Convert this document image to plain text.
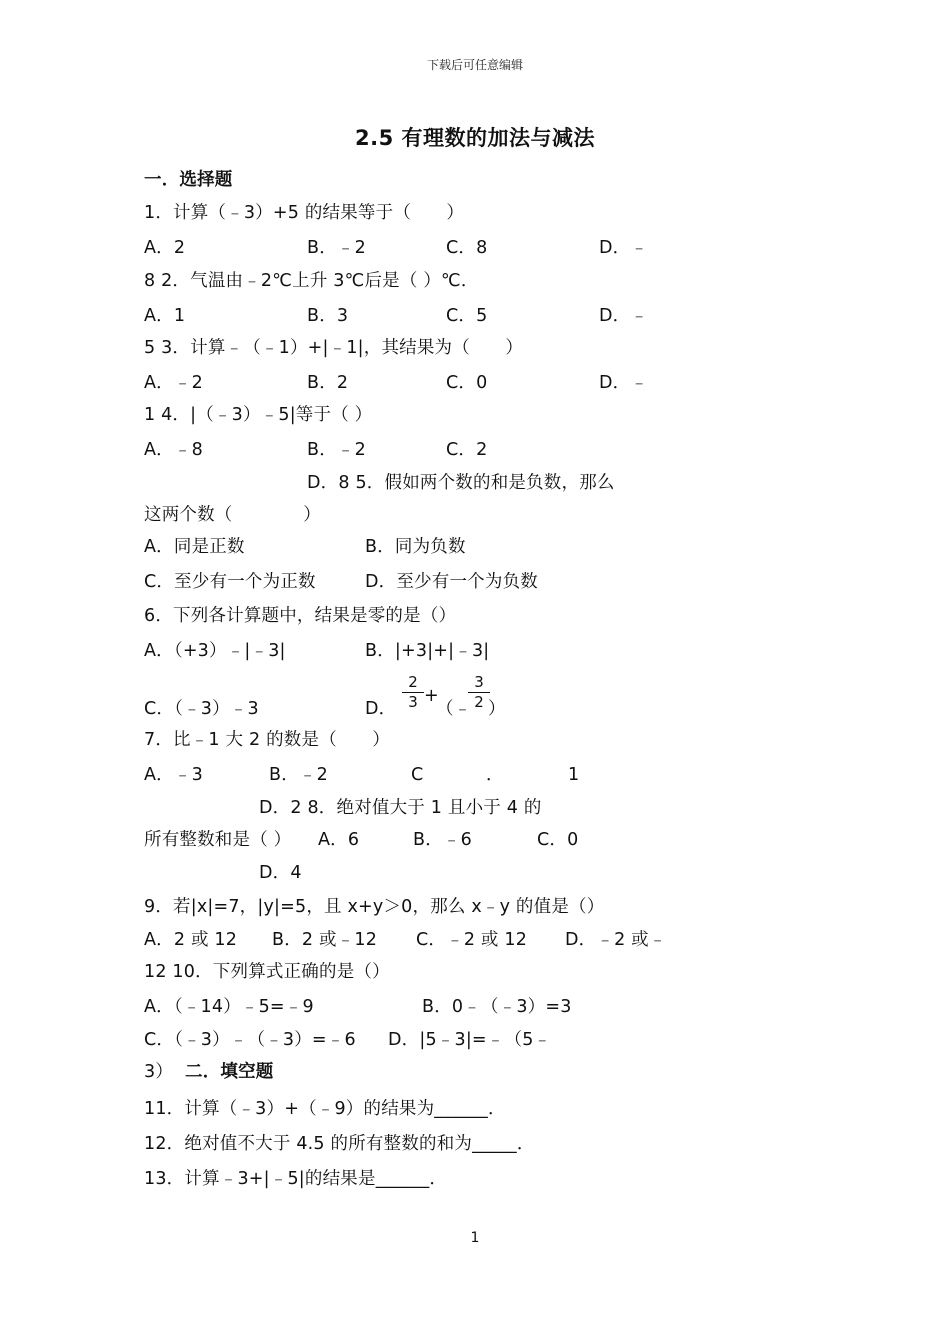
下载后可任意编辑
2.5 有理数的加法与减法
一．选择题
1．计算（﹣3）+5 的结果等于（　　）
A．2	B．﹣2	C．8	D．﹣
8 2．气温由﹣2℃上升 3℃后是（ ）℃．
A．1	B．3	C．5	D．﹣
5 3．计算﹣（﹣1）+|﹣1|，其结果为（　　）
A．﹣2	B．2	C．0	D．﹣
1 4．|（﹣3）﹣5|等于（ ）
A．﹣8	B．﹣2	C．2
D．8 5．假如两个数的和是负数，那么
这两个数（　　　　）
A．同是正数	B．同为负数
C．至少有一个为正数	D．至少有一个为负数
6．下列各计算题中，结果是零的是（）
A．（+3）﹣|﹣3|	B．|+3|+|﹣3|
C．（﹣3）﹣3	D． $\frac{2}{3}$ +
（﹣
$\frac{3}{2}$
）
7．比﹣1 大 2 的数是（　　）
A．﹣3	B．﹣2	C	．	1
D．2 8．绝对值大于 1 且小于 4 的
所有整数和是（ ） A．6	B．﹣6	C．0
D．4
9．若|x|=7，|y|=5，且 x+y＞0，那么 x﹣y 的值是（）
A．2 或 12 B．2 或﹣12 C．﹣2 或 12 D．﹣2 或﹣
12 10．下列算式正确的是（）
A．（﹣14）﹣5=﹣9	B．0﹣（﹣3）=3
C．（﹣3）﹣（﹣3）=﹣6 D．|5﹣3|=﹣（5﹣
3） 二．填空题
11．计算（﹣3）+（﹣9）的结果为______．
12．绝对值不大于 4.5 的所有整数的和为_____．
13．计算﹣3+|﹣5|的结果是______．
1
